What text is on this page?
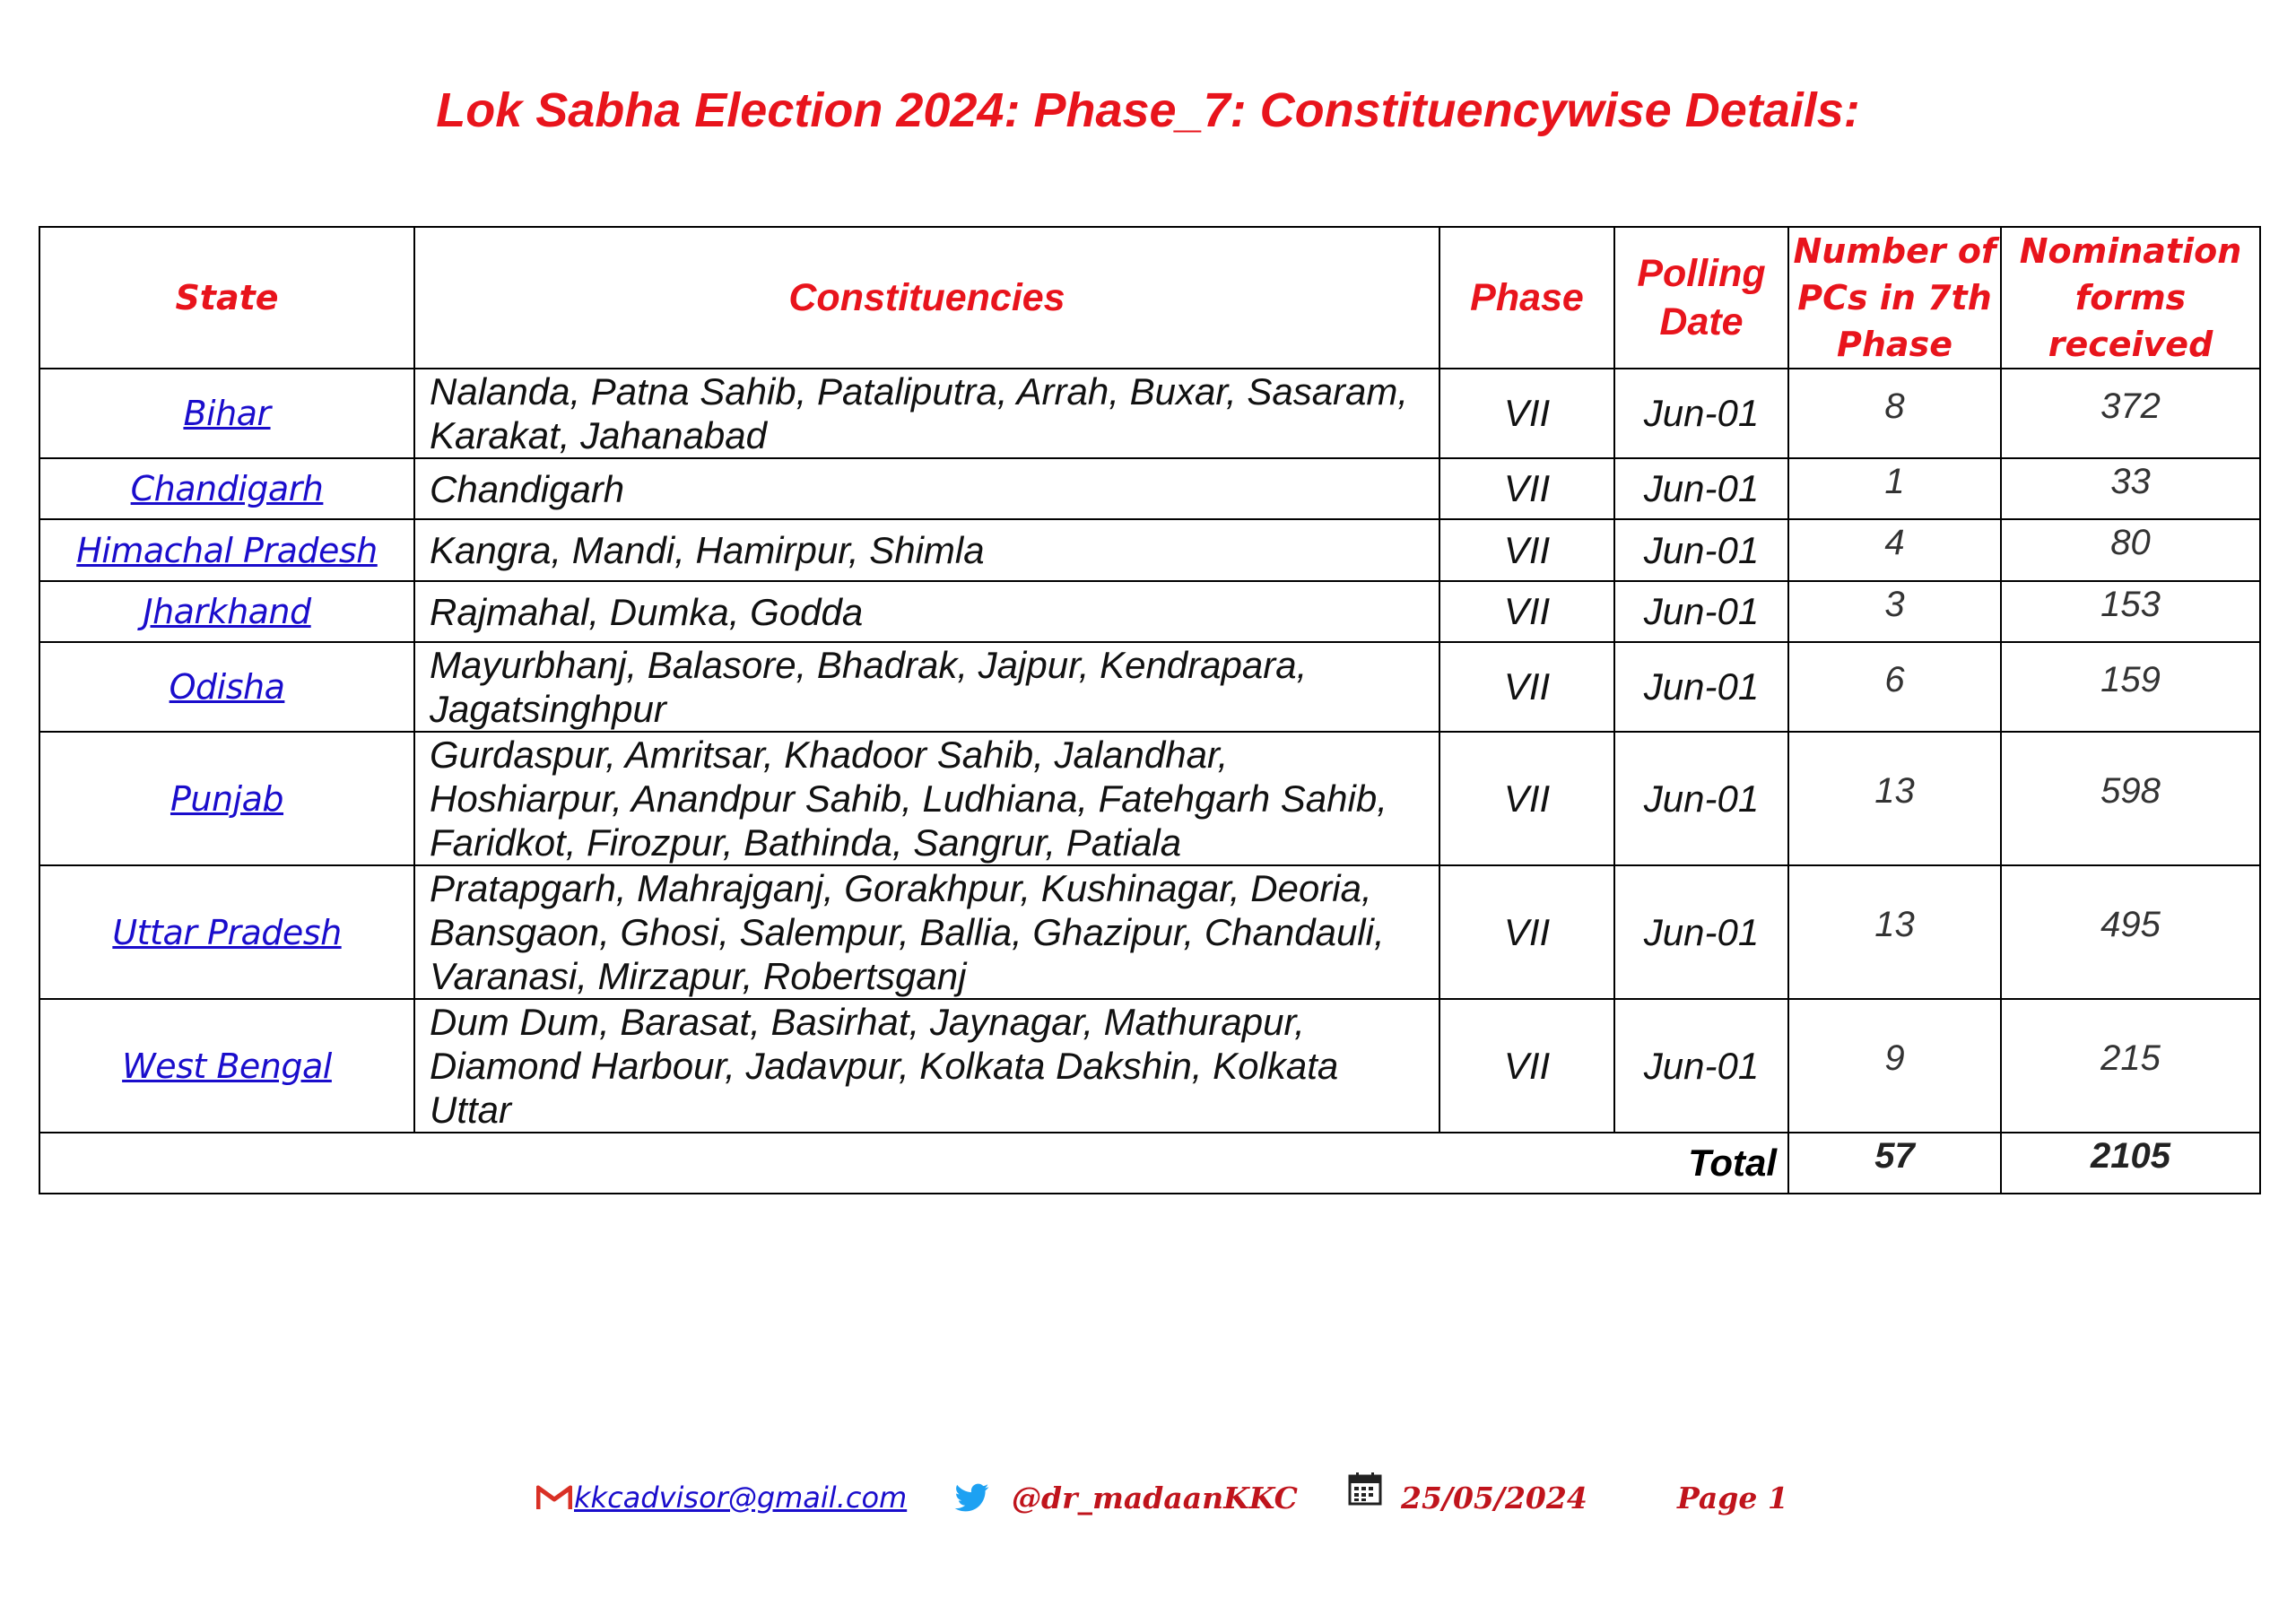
Lok Sabha Election 2024: Phase_7: Constituencywise Details:
State	Constituencies	Phase	Polling Date	Number of PCs in 7th Phase	Nomination forms received
Bihar	Nalanda, Patna Sahib, Pataliputra, Arrah, Buxar, Sasaram, Karakat, Jahanabad	VII	Jun-01	8	372
Chandigarh	Chandigarh	VII	Jun-01	1	33
Himachal Pradesh	Kangra, Mandi, Hamirpur, Shimla	VII	Jun-01	4	80
Jharkhand	Rajmahal, Dumka, Godda	VII	Jun-01	3	153
Odisha	Mayurbhanj, Balasore, Bhadrak, Jajpur, Kendrapara, Jagatsinghpur	VII	Jun-01	6	159
Punjab	Gurdaspur, Amritsar, Khadoor Sahib, Jalandhar, Hoshiarpur, Anandpur Sahib, Ludhiana, Fatehgarh Sahib, Faridkot, Firozpur, Bathinda, Sangrur, Patiala	VII	Jun-01	13	598
Uttar Pradesh	Pratapgarh, Mahrajganj, Gorakhpur, Kushinagar, Deoria, Bansgaon, Ghosi, Salempur, Ballia, Ghazipur, Chandauli, Varanasi, Mirzapur, Robertsganj	VII	Jun-01	13	495
West Bengal	Dum Dum, Barasat, Basirhat, Jaynagar, Mathurapur, Diamond Harbour, Jadavpur, Kolkata Dakshin, Kolkata Uttar	VII	Jun-01	9	215
Total				57	2105
kkcadvisor@gmail.com	@dr_madaanKKC	25/05/2024	Page 1
